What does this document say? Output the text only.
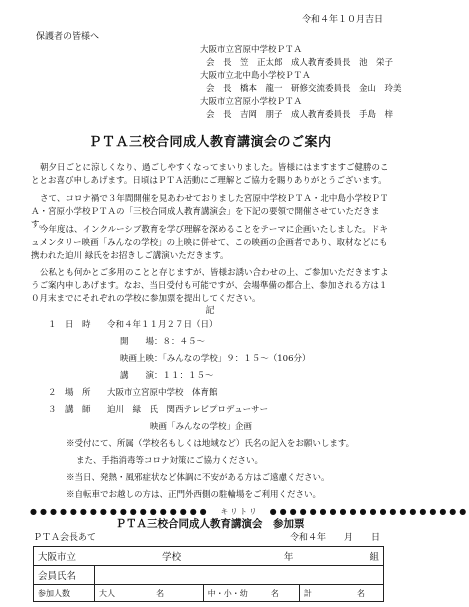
令和４年１０月吉日
保護者の皆様へ
大阪市立宮原中学校ＰＴＡ
会　長　笠　正太郎　成人教育委員長　池　栄子
大阪市立北中島小学校ＰＴＡ
会　長　橋本　龍一　研修交流委員長　金山　玲美
大阪市立宮原小学校ＰＴＡ
会　長　吉岡　朋子　成人教育委員長　手島　梓
ＰＴＡ三校合同成人教育講演会のご案内
朝夕日ごとに涼しくなり、過ごしやすくなってまいりました。皆様にはますますご健勝のこととお喜び申しあげます。日頃はＰＴＡ活動にご理解とご協力を賜りありがとうございます。
さて、コロナ禍で３年間開催を見あわせておりました宮原中学校ＰＴＡ・北中島小学校ＰＴＡ・宮原小学校ＰＴＡの「三校合同成人教育講演会」を下記の要領で開催させていただきます。
今年度は、インクルーシブ教育を学び理解を深めることをテーマに企画いたしました。ドキュメンタリー映画「みんなの学校」の上映に併せて、この映画の企画者であり、取材などにも携われた迫川 緑氏をお招きしご講演いただきます。
公私とも何かとご多用のことと存じますが、皆様お誘い合わせの上、ご参加いただきますようご案内申しあげます。なお、当日受付も可能ですが、会場準備の都合上、参加される方は１０月末までにそれぞれの学校に参加票を提出してください。
記
１　日　時 令和４年１１月２７日（日）
開　　場：８：４５～
映画上映：「みんなの学校」９：１５～（106分）
講　　演：１１：１５～
２　場　所 大阪市立宮原中学校　体育館
３　講　師 迫川　緑　氏　関西テレビプロデューサー
映画「みんなの学校」企画
※受付にて、所属（学校名もしくは地域など）氏名の記入をお願いします。
また、手指消毒等コロナ対策にご協力ください。
※当日、発熱・風邪症状など体調に不安がある方はご遠慮ください。
※自転車でお越しの方は、正門外西側の駐輪場をご利用ください。
●●●●●●●●●●●●●●●●●●　キリトリ　●●●●●●●●●●●●●●●●●●●●
ＰＴＡ三校合同成人教育講演会　参加票
ＰＴＡ会長あて	令和４年　　月　　日
大阪市立 学校		年 組	
会員氏名			
参加人数	大人 名	中・小・幼 名	計 名
